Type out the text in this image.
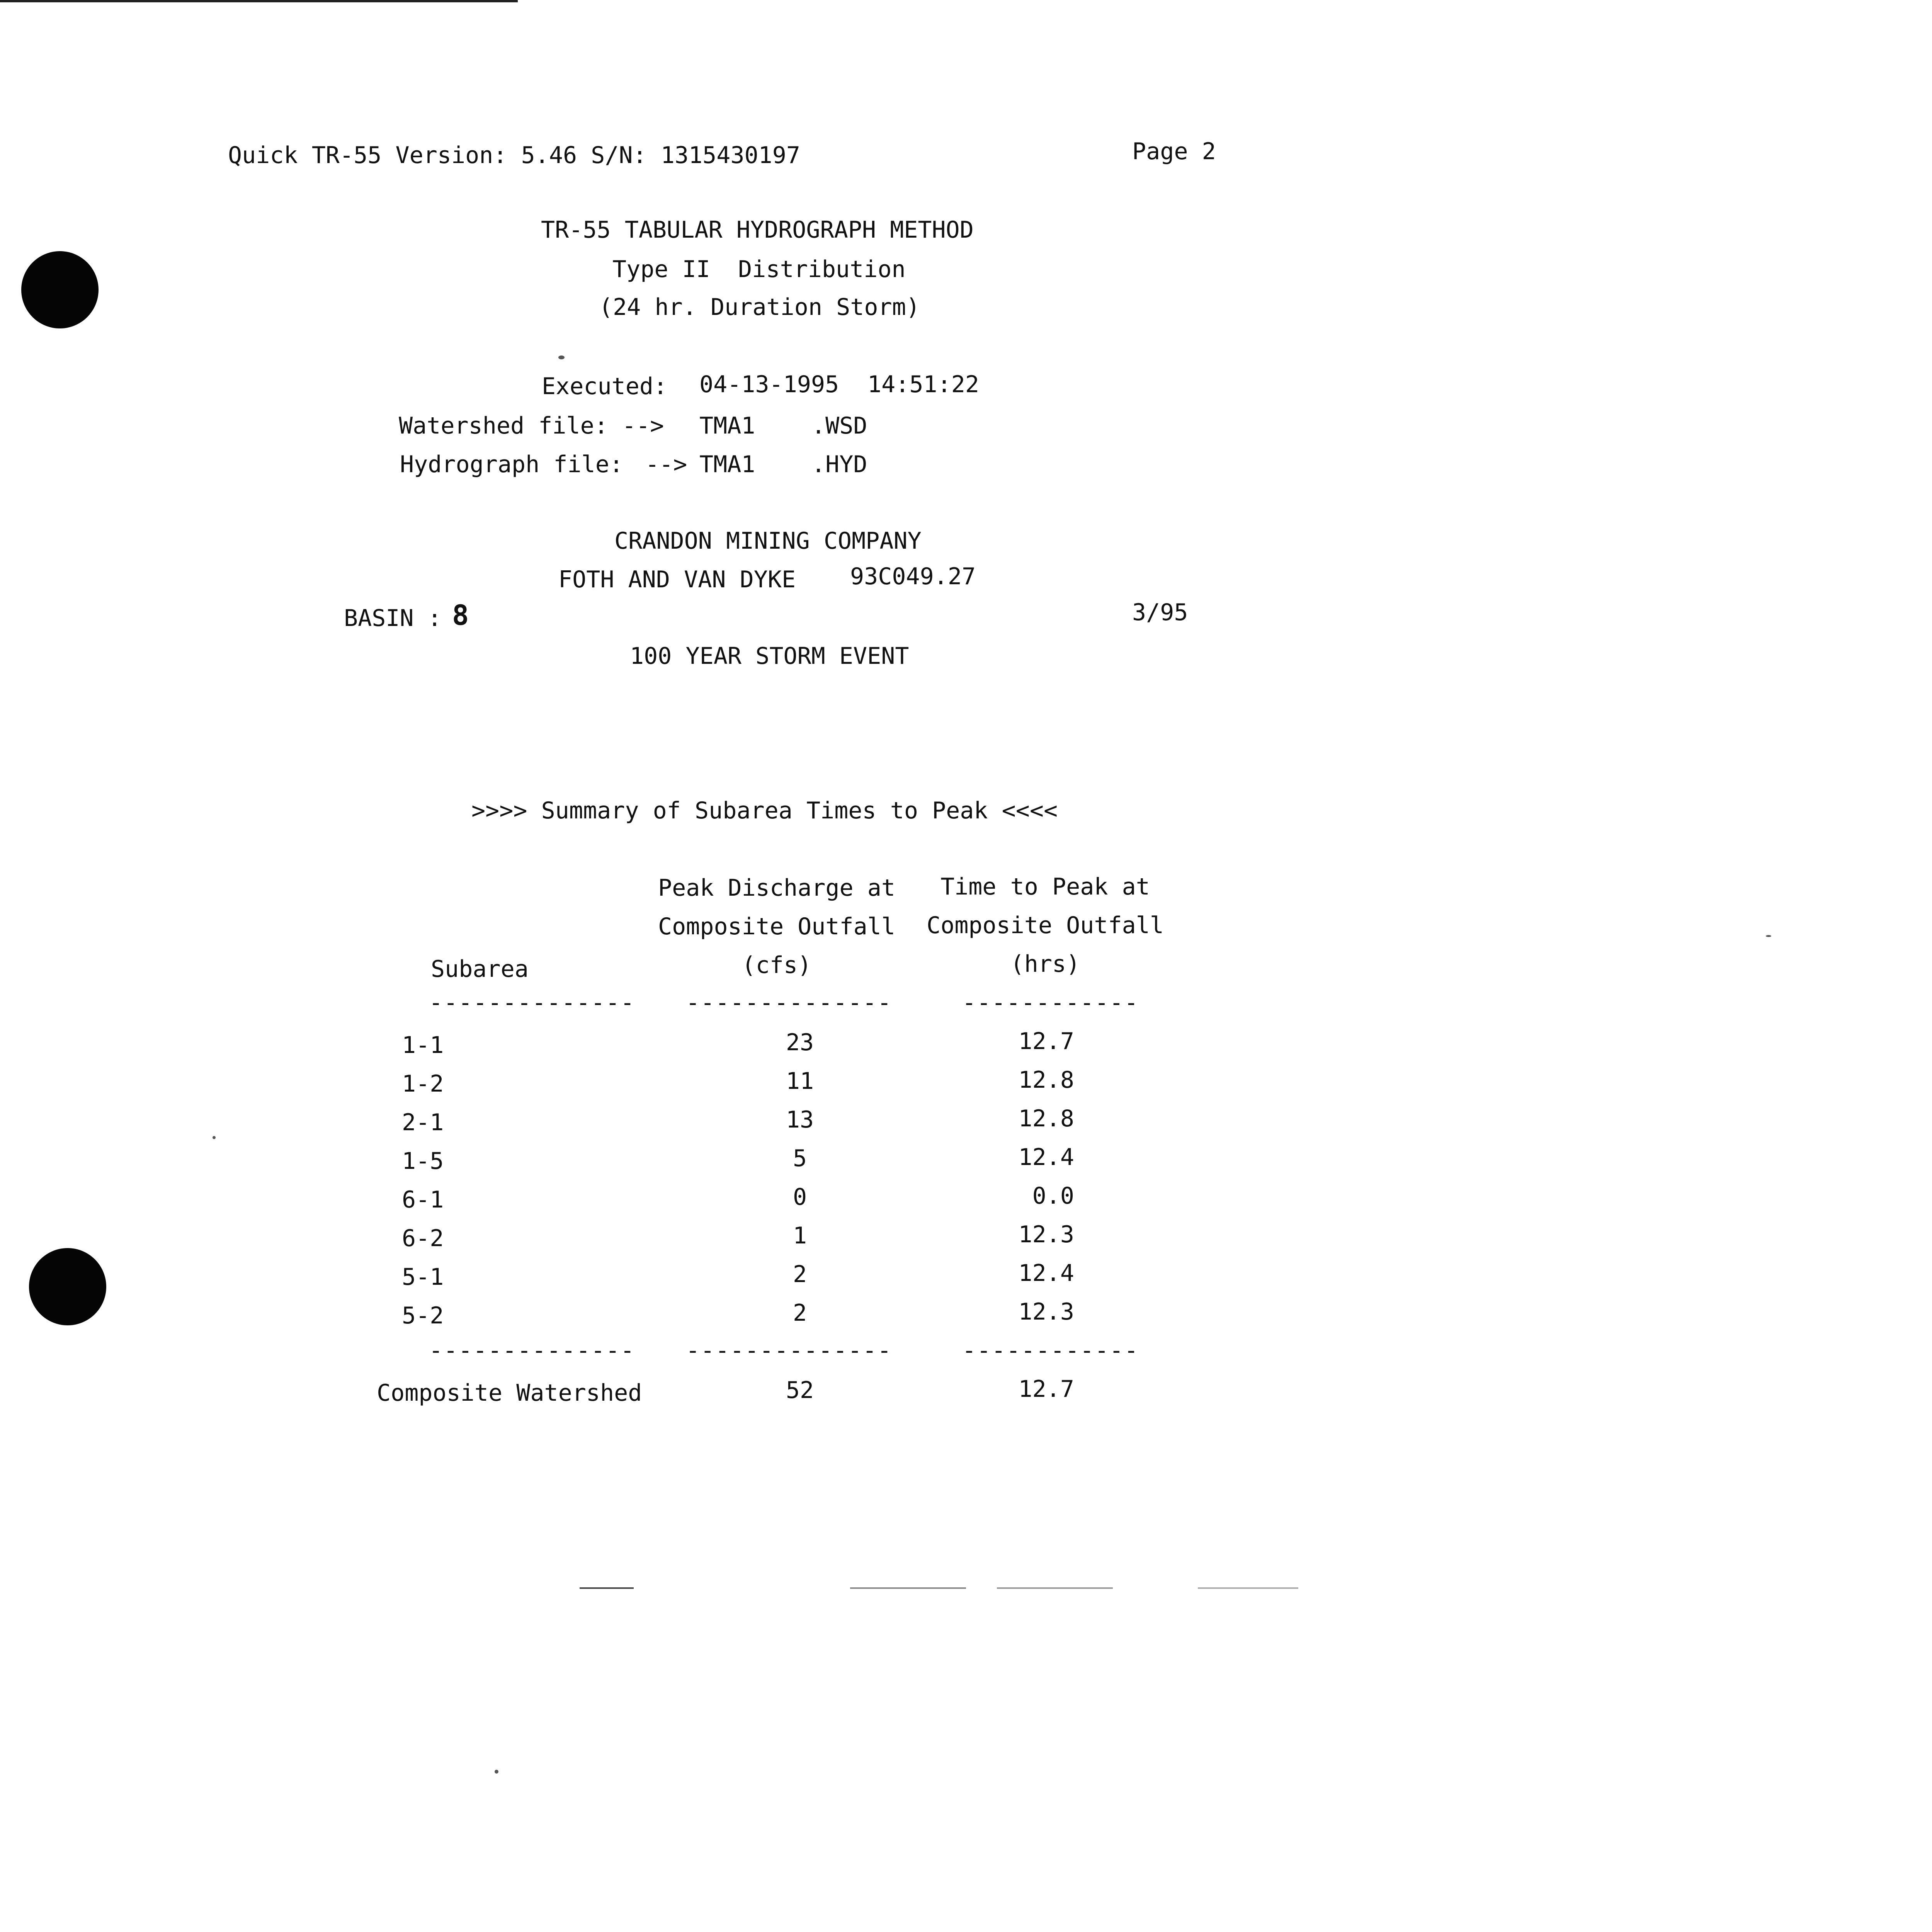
Quick TR-55 Version: 5.46 S/N: 1315430197	Page 2
TR-55 TABULAR HYDROGRAPH METHOD
Type II  Distribution
(24 hr. Duration Storm)
Executed: 04-13-1995 14:51:22
Watershed file: --> TMA1 .WSD
Hydrograph file: --> TMA1 .HYD
CRANDON MINING COMPANY
FOTH AND VAN DYKE 93C049.27
BASIN : 8	3/95
100 YEAR STORM EVENT
>>>> Summary of Subarea Times to Peak <<<<
Subarea
Peak Discharge at
Composite Outfall
(cfs)
Time to Peak at
Composite Outfall
(hrs)
-------------- --------------	------------
1-1	23	12.7
1-2	11	12.8
2-1	13	12.8
1-5	5	12.4
6-1	0	0.0
6-2	1	12.3
5-1	2	12.4
5-2	2	12.3
-------------- --------------	------------
Composite Watershed	52	12.7
